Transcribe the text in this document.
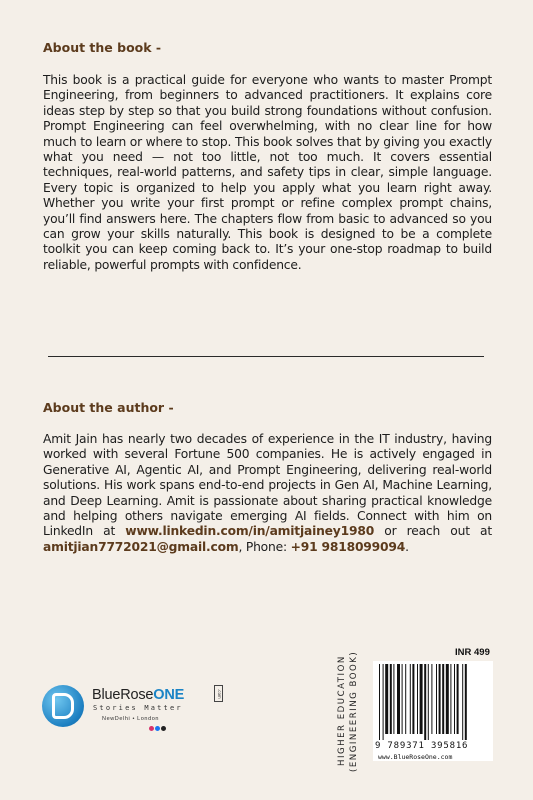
About the book -
This book is a practical guide for everyone who wants to master Prompt Engineering, from beginners to advanced practitioners. It explains core ideas step by step so that you build strong foundations without confusion. Prompt Engineering can feel overwhelming, with no clear line for how much to learn or where to stop. This book solves that by giving you exactly what you need — not too little, not too much. It covers essential techniques, real-world patterns, and safety tips in clear, simple language. Every topic is organized to help you apply what you learn right away. Whether you write your first prompt or refine complex prompt chains, you’ll find answers here. The chapters flow from basic to advanced so you can grow your skills naturally. This book is designed to be a complete toolkit you can keep coming back to. It’s your one-stop roadmap to build reliable, powerful prompts with confidence.
About the author -
Amit Jain has nearly two decades of experience in the IT industry, having worked with several Fortune 500 companies. He is actively engaged in Generative AI, Agentic AI, and Prompt Engineering, delivering real-world solutions. His work spans end-to-end projects in Gen AI, Machine Learning, and Deep Learning. Amit is passionate about sharing practical knowledge and helping others navigate emerging AI fields. Connect with him on LinkedIn at www.linkedin.com/in/amitjainey1980 or reach out at amitjian7772021@gmail.com, Phone: +91 9818099094.
BlueRoseONE	.com
Stories Matter
NewDelhi • London	HIGHER EDUCATION (ENGINEERING BOOK)	INR 499
9 789371 395816
www.BlueRoseOne.com
